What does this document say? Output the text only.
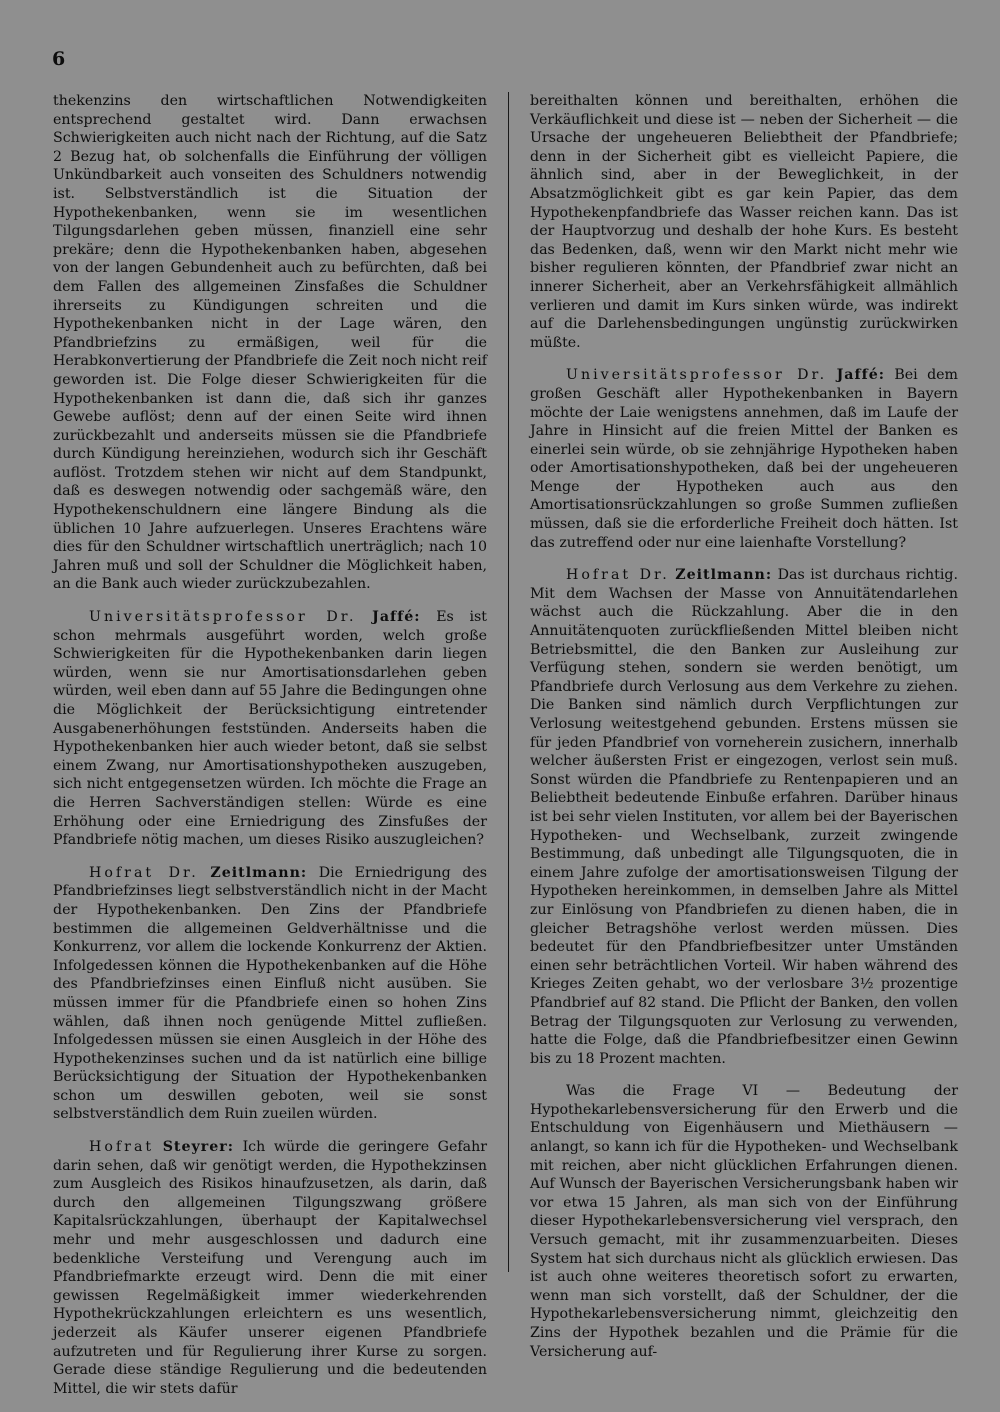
6

thekenzins den wirtschaftlichen Notwendigkeiten entsprechend gestaltet wird. Dann erwachsen Schwierigkeiten auch nicht nach der Richtung, auf die Satz 2 Bezug hat, ob solchenfalls die Einführung der völligen Unkündbarkeit auch vonseiten des Schuldners notwendig ist. Selbstverständlich ist die Situation der Hypothekenbanken, wenn sie im wesentlichen Tilgungsdarlehen geben müssen, finanziell eine sehr prekäre; denn die Hypothekenbanken haben, abgesehen von der langen Gebundenheit auch zu befürchten, daß bei dem Fallen des allgemeinen Zinsfaßes die Schuldner ihrerseits zu Kündigungen schreiten und die Hypothekenbanken nicht in der Lage wären, den Pfandbriefzins zu ermäßigen, weil für die Herabkonvertierung der Pfandbriefe die Zeit noch nicht reif geworden ist. Die Folge dieser Schwierigkeiten für die Hypothekenbanken ist dann die, daß sich ihr ganzes Gewebe auflöst; denn auf der einen Seite wird ihnen zurückbezahlt und anderseits müssen sie die Pfandbriefe durch Kündigung hereinziehen, wodurch sich ihr Geschäft auflöst. Trotzdem stehen wir nicht auf dem Standpunkt, daß es deswegen notwendig oder sachgemäß wäre, den Hypothekenschuldnern eine längere Bindung als die üblichen 10 Jahre aufzuerlegen. Unseres Erachtens wäre dies für den Schuldner wirtschaftlich unerträglich; nach 10 Jahren muß und soll der Schuldner die Möglichkeit haben, an die Bank auch wieder zurückzubezahlen.

Universitätsprofessor Dr. Jaffé: Es ist schon mehrmals ausgeführt worden, welch große Schwierigkeiten für die Hypothekenbanken darin liegen würden, wenn sie nur Amortisationsdarlehen geben würden, weil eben dann auf 55 Jahre die Bedingungen ohne die Möglichkeit der Berücksichtigung eintretender Ausgabenerhöhungen feststünden. Anderseits haben die Hypothekenbanken hier auch wieder betont, daß sie selbst einem Zwang, nur Amortisationshypotheken auszugeben, sich nicht entgegensetzen würden. Ich möchte die Frage an die Herren Sachverständigen stellen: Würde es eine Erhöhung oder eine Erniedrigung des Zinsfußes der Pfandbriefe nötig machen, um dieses Risiko auszugleichen?

Hofrat Dr. Zeitlmann: Die Erniedrigung des Pfandbriefzinses liegt selbstverständlich nicht in der Macht der Hypothekenbanken. Den Zins der Pfandbriefe bestimmen die allgemeinen Geldverhältnisse und die Konkurrenz, vor allem die lockende Konkurrenz der Aktien. Infolgedessen können die Hypothekenbanken auf die Höhe des Pfandbriefzinses einen Einfluß nicht ausüben. Sie müssen immer für die Pfandbriefe einen so hohen Zins wählen, daß ihnen noch genügende Mittel zufließen. Infolgedessen müssen sie einen Ausgleich in der Höhe des Hypothekenzinses suchen und da ist natürlich eine billige Berücksichtigung der Situation der Hypothekenbanken schon um deswillen geboten, weil sie sonst selbstverständlich dem Ruin zueilen würden.

Hofrat Steyrer: Ich würde die geringere Gefahr darin sehen, daß wir genötigt werden, die Hypothekzinsen zum Ausgleich des Risikos hinaufzusetzen, als darin, daß durch den allgemeinen Tilgungszwang größere Kapitalsrückzahlungen, überhaupt der Kapitalwechsel mehr und mehr ausgeschlossen und dadurch eine bedenkliche Versteifung und Verengung auch im Pfandbriefmarkte erzeugt wird. Denn die mit einer gewissen Regelmäßigkeit immer wiederkehrenden Hypothekrückzahlungen erleichtern es uns wesentlich, jederzeit als Käufer unserer eigenen Pfandbriefe aufzutreten und für Regulierung ihrer Kurse zu sorgen. Gerade diese ständige Regulierung und die bedeutenden Mittel, die wir stets dafür

bereithalten können und bereithalten, erhöhen die Verkäuflichkeit und diese ist — neben der Sicherheit — die Ursache der ungeheueren Beliebtheit der Pfandbriefe; denn in der Sicherheit gibt es vielleicht Papiere, die ähnlich sind, aber in der Beweglichkeit, in der Absatzmöglichkeit gibt es gar kein Papier, das dem Hypothekenpfandbriefe das Wasser reichen kann. Das ist der Hauptvorzug und deshalb der hohe Kurs. Es besteht das Bedenken, daß, wenn wir den Markt nicht mehr wie bisher regulieren könnten, der Pfandbrief zwar nicht an innerer Sicherheit, aber an Verkehrsfähigkeit allmählich verlieren und damit im Kurs sinken würde, was indirekt auf die Darlehensbedingungen ungünstig zurückwirken müßte.

Universitätsprofessor Dr. Jaffé: Bei dem großen Geschäft aller Hypothekenbanken in Bayern möchte der Laie wenigstens annehmen, daß im Laufe der Jahre in Hinsicht auf die freien Mittel der Banken es einerlei sein würde, ob sie zehnjährige Hypotheken haben oder Amortisationshypotheken, daß bei der ungeheueren Menge der Hypotheken auch aus den Amortisationsrückzahlungen so große Summen zufließen müssen, daß sie die erforderliche Freiheit doch hätten. Ist das zutreffend oder nur eine laienhafte Vorstellung?

Hofrat Dr. Zeitlmann: Das ist durchaus richtig. Mit dem Wachsen der Masse von Annuitätendarlehen wächst auch die Rückzahlung. Aber die in den Annuitätenquoten zurückfließenden Mittel bleiben nicht Betriebsmittel, die den Banken zur Ausleihung zur Verfügung stehen, sondern sie werden benötigt, um Pfandbriefe durch Verlosung aus dem Verkehre zu ziehen. Die Banken sind nämlich durch Verpflichtungen zur Verlosung weitestgehend gebunden. Erstens müssen sie für jeden Pfandbrief von vorneherein zusichern, innerhalb welcher äußersten Frist er eingezogen, verlost sein muß. Sonst würden die Pfandbriefe zu Rentenpapieren und an Beliebtheit bedeutende Einbuße erfahren. Darüber hinaus ist bei sehr vielen Instituten, vor allem bei der Bayerischen Hypotheken- und Wechselbank, zurzeit zwingende Bestimmung, daß unbedingt alle Tilgungsquoten, die in einem Jahre zufolge der amortisationsweisen Tilgung der Hypotheken hereinkommen, in demselben Jahre als Mittel zur Einlösung von Pfandbriefen zu dienen haben, die in gleicher Betragshöhe verlost werden müssen. Dies bedeutet für den Pfandbriefbesitzer unter Umständen einen sehr beträchtlichen Vorteil. Wir haben während des Krieges Zeiten gehabt, wo der verlosbare 3½ prozentige Pfandbrief auf 82 stand. Die Pflicht der Banken, den vollen Betrag der Tilgungsquoten zur Verlosung zu verwenden, hatte die Folge, daß die Pfandbriefbesitzer einen Gewinn bis zu 18 Prozent machten.

Was die Frage VI — Bedeutung der Hypothekarlebensversicherung für den Erwerb und die Entschuldung von Eigenhäusern und Miethäusern — anlangt, so kann ich für die Hypotheken- und Wechselbank mit reichen, aber nicht glücklichen Erfahrungen dienen. Auf Wunsch der Bayerischen Versicherungsbank haben wir vor etwa 15 Jahren, als man sich von der Einführung dieser Hypothekarlebensversicherung viel versprach, den Versuch gemacht, mit ihr zusammenzuarbeiten. Dieses System hat sich durchaus nicht als glücklich erwiesen. Das ist auch ohne weiteres theoretisch sofort zu erwarten, wenn man sich vorstellt, daß der Schuldner, der die Hypothekarlebensversicherung nimmt, gleichzeitig den Zins der Hypothek bezahlen und die Prämie für die Versicherung auf-
